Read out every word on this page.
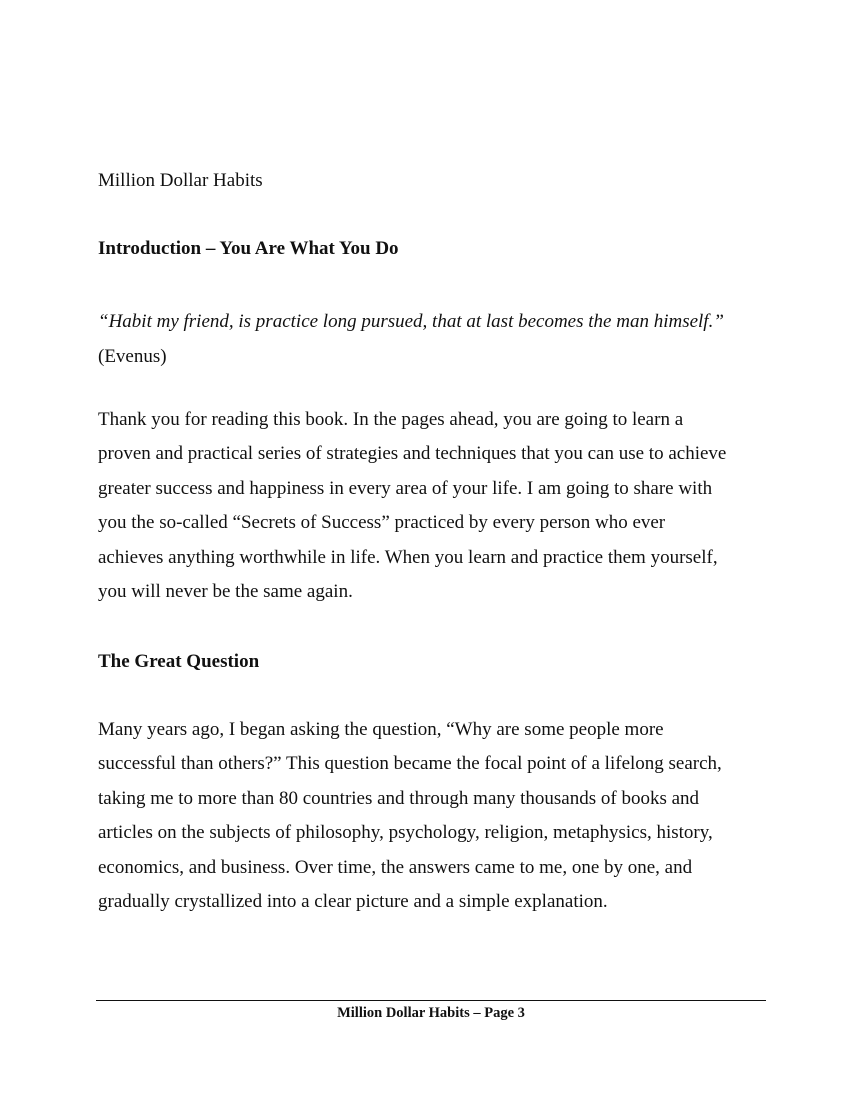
Million Dollar Habits

Introduction – You Are What You Do

“Habit my friend, is practice long pursued, that at last becomes the man himself.”
(Evenus)

Thank you for reading this book. In the pages ahead, you are going to learn a
proven and practical series of strategies and techniques that you can use to achieve
greater success and happiness in every area of your life. I am going to share with
you the so-called “Secrets of Success” practiced by every person who ever
achieves anything worthwhile in life. When you learn and practice them yourself,
you will never be the same again.

The Great Question

Many years ago, I began asking the question, “Why are some people more
successful than others?” This question became the focal point of a lifelong search,
taking me to more than 80 countries and through many thousands of books and
articles on the subjects of philosophy, psychology, religion, metaphysics, history,
economics, and business. Over time, the answers came to me, one by one, and
gradually crystallized into a clear picture and a simple explanation.

Million Dollar Habits – Page 3
